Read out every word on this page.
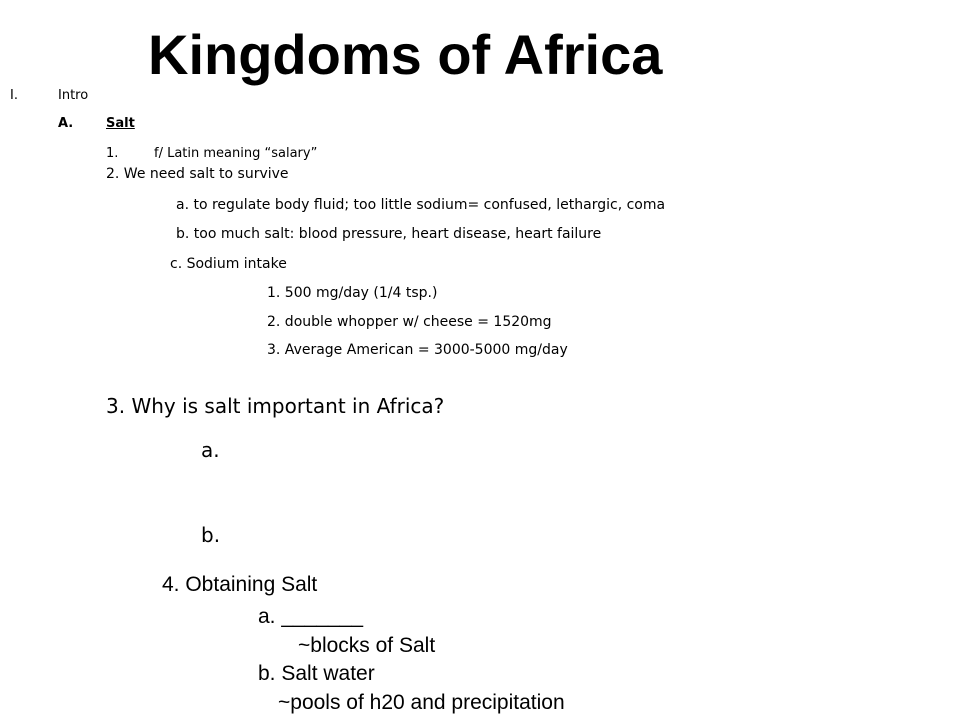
Kingdoms of Africa
I.	Intro
A.	Salt
1.	f/ Latin meaning “salary”
2. We need salt to survive
a. to regulate body fluid; too little sodium= confused, lethargic, coma
b. too much salt: blood pressure, heart disease, heart failure
c. Sodium intake
1. 500 mg/day (1/4 tsp.)
2. double whopper w/ cheese = 1520mg
3. Average American = 3000-5000 mg/day
3. Why is salt important in Africa?
a.
b.
4. Obtaining Salt
a. _______
~blocks of Salt
b. Salt water
~pools of h20 and precipitation
